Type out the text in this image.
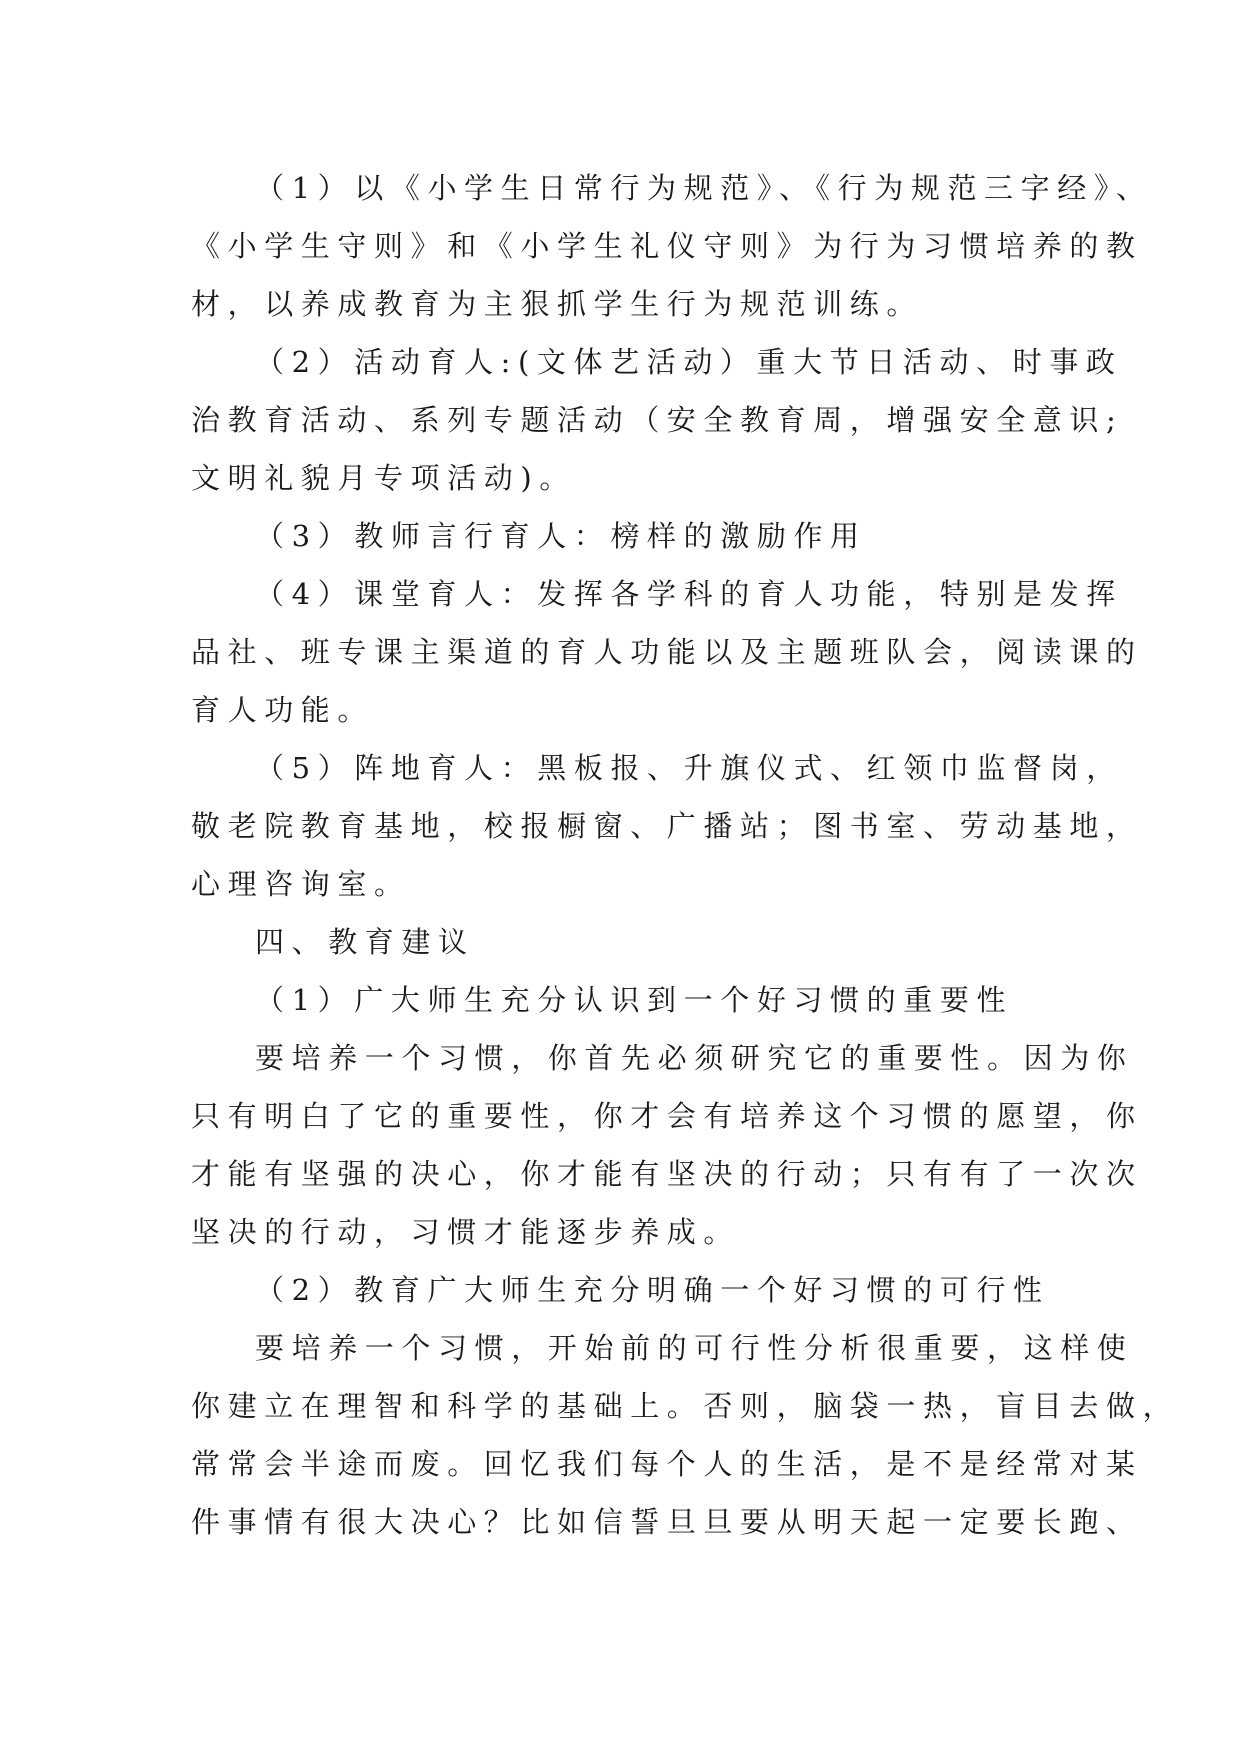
（1）以《小学生日常行为规范》、《行为规范三字经》、
《小学生守则》和《小学生礼仪守则》为行为习惯培养的教
材，以养成教育为主狠抓学生行为规范训练。
（2）活动育人:(文体艺活动）重大节日活动、时事政
治教育活动、系列专题活动（安全教育周，增强安全意识;
文明礼貌月专项活动)。
（3）教师言行育人：榜样的激励作用
（4）课堂育人：发挥各学科的育人功能，特别是发挥
品社、班专课主渠道的育人功能以及主题班队会，阅读课的
育人功能。
（5）阵地育人：黑板报、升旗仪式、红领巾监督岗，
敬老院教育基地，校报橱窗、广播站；图书室、劳动基地，
心理咨询室。
四、教育建议
（1）广大师生充分认识到一个好习惯的重要性
要培养一个习惯，你首先必须研究它的重要性。因为你
只有明白了它的重要性，你才会有培养这个习惯的愿望，你
才能有坚强的决心，你才能有坚决的行动；只有有了一次次
坚决的行动，习惯才能逐步养成。
（2）教育广大师生充分明确一个好习惯的可行性
要培养一个习惯，开始前的可行性分析很重要，这样使
你建立在理智和科学的基础上。否则，脑袋一热，盲目去做，
常常会半途而废。回忆我们每个人的生活，是不是经常对某
件事情有很大决心？比如信誓旦旦要从明天起一定要长跑、
